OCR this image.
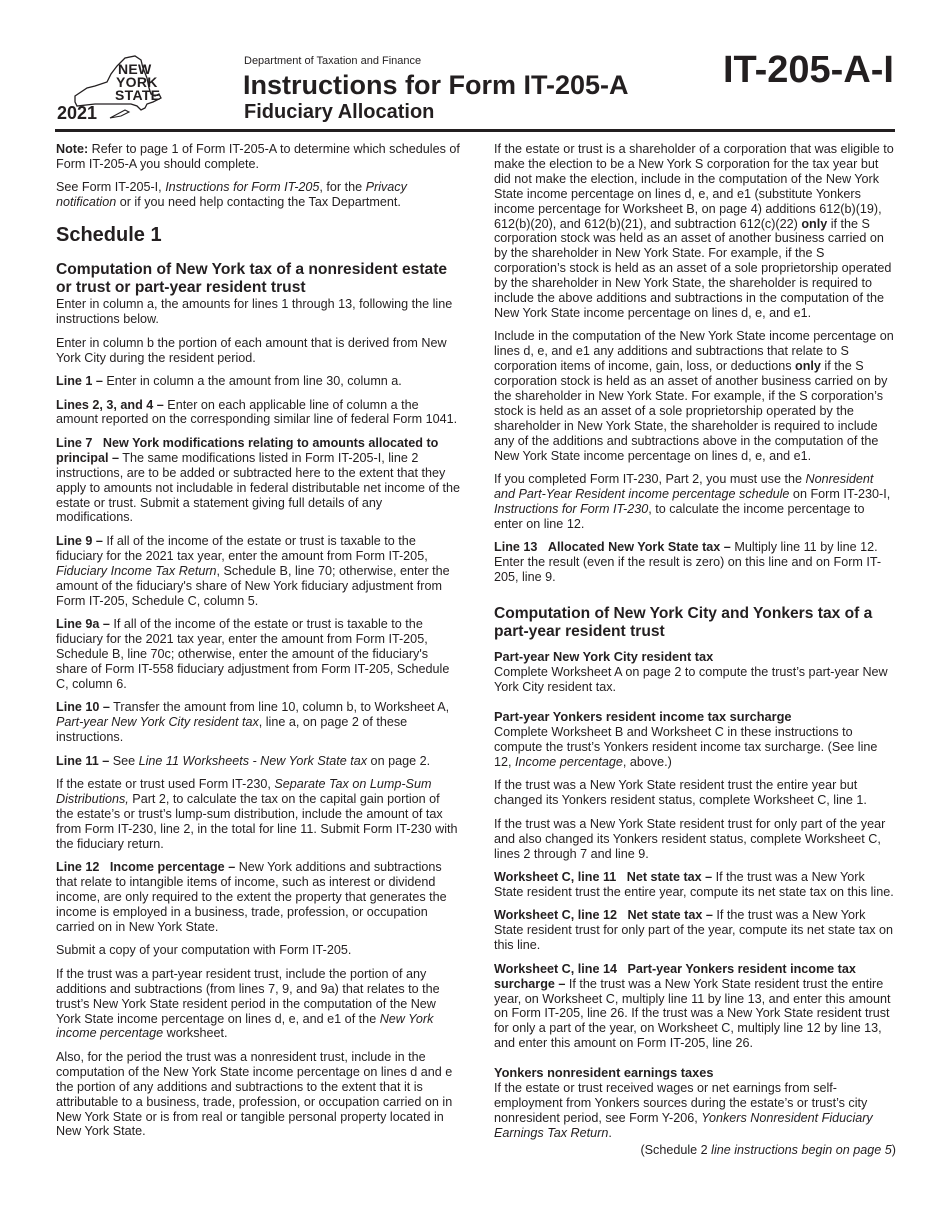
NEW
YORK
STATE
2021
Department of Taxation and Finance
Instructions for Form IT-205-A
Fiduciary Allocation
IT-205-A-I

Note: Refer to page 1 of Form IT-205-A to determine which schedules of Form IT-205-A you should complete.

See Form IT-205-I, Instructions for Form IT-205, for the Privacy notification or if you need help contacting the Tax Department.

Schedule 1
Computation of New York tax of a nonresident estate or trust or part-year resident trust

Enter in column a, the amounts for lines 1 through 13, following the line instructions below.

Enter in column b the portion of each amount that is derived from New York City during the resident period.

Line 1 – Enter in column a the amount from line 30, column a.

Lines 2, 3, and 4 – Enter on each applicable line of column a the amount reported on the corresponding similar line of federal Form 1041.

Line 7 New York modifications relating to amounts allocated to principal – The same modifications listed in Form IT-205-I, line 2 instructions, are to be added or subtracted here to the extent that they apply to amounts not includable in federal distributable net income of the estate or trust. Submit a statement giving full details of any modifications.

Line 9 – If all of the income of the estate or trust is taxable to the fiduciary for the 2021 tax year, enter the amount from Form IT-205, Fiduciary Income Tax Return, Schedule B, line 70; otherwise, enter the amount of the fiduciary's share of New York fiduciary adjustment from Form IT-205, Schedule C, column 5.

Line 9a – If all of the income of the estate or trust is taxable to the fiduciary for the 2021 tax year, enter the amount from Form IT-205, Schedule B, line 70c; otherwise, enter the amount of the fiduciary's share of Form IT-558 fiduciary adjustment from Form IT-205, Schedule C, column 6.

Line 10 – Transfer the amount from line 10, column b, to Worksheet A, Part-year New York City resident tax, line a, on page 2 of these instructions.

Line 11 – See Line 11 Worksheets - New York State tax on page 2.

If the estate or trust used Form IT-230, Separate Tax on Lump-Sum Distributions, Part 2, to calculate the tax on the capital gain portion of the estate’s or trust’s lump-sum distribution, include the amount of tax from Form IT-230, line 2, in the total for line 11. Submit Form IT-230 with the fiduciary return.

Line 12 Income percentage – New York additions and subtractions that relate to intangible items of income, such as interest or dividend income, are only required to the extent the property that generates the income is employed in a business, trade, profession, or occupation carried on in New York State.

Submit a copy of your computation with Form IT-205.

If the trust was a part-year resident trust, include the portion of any additions and subtractions (from lines 7, 9, and 9a) that relates to the trust’s New York State resident period in the computation of the New York State income percentage on lines d, e, and e1 of the New York income percentage worksheet.

Also, for the period the trust was a nonresident trust, include in the computation of the New York State income percentage on lines d and e the portion of any additions and subtractions to the extent that it is attributable to a business, trade, profession, or occupation carried on in New York State or is from real or tangible personal property located in New York State.

If the estate or trust is a shareholder of a corporation that was eligible to make the election to be a New York S corporation for the tax year but did not make the election, include in the computation of the New York State income percentage on lines d, e, and e1 (substitute Yonkers income percentage for Worksheet B, on page 4) additions 612(b)(19), 612(b)(20), and 612(b)(21), and subtraction 612(c)(22) only if the S corporation stock was held as an asset of another business carried on by the shareholder in New York State. For example, if the S corporation’s stock is held as an asset of a sole proprietorship operated by the shareholder in New York State, the shareholder is required to include the above additions and subtractions in the computation of the New York State income percentage on lines d, e, and e1.

Include in the computation of the New York State income percentage on lines d, e, and e1 any additions and subtractions that relate to S corporation items of income, gain, loss, or deductions only if the S corporation stock is held as an asset of another business carried on by the shareholder in New York State. For example, if the S corporation’s stock is held as an asset of a sole proprietorship operated by the shareholder in New York State, the shareholder is required to include any of the additions and subtractions above in the computation of the New York State income percentage on lines d, e, and e1.

If you completed Form IT-230, Part 2, you must use the Nonresident and Part-Year Resident income percentage schedule on Form IT-230-I, Instructions for Form IT-230, to calculate the income percentage to enter on line 12.

Line 13 Allocated New York State tax – Multiply line 11 by line 12. Enter the result (even if the result is zero) on this line and on Form IT-205, line 9.

Computation of New York City and Yonkers tax of a part-year resident trust
Part-year New York City resident tax

Complete Worksheet A on page 2 to compute the trust’s part-year New York City resident tax.

Part-year Yonkers resident income tax surcharge

Complete Worksheet B and Worksheet C in these instructions to compute the trust’s Yonkers resident income tax surcharge. (See line 12, Income percentage, above.)

If the trust was a New York State resident trust the entire year but changed its Yonkers resident status, complete Worksheet C, line 1.

If the trust was a New York State resident trust for only part of the year and also changed its Yonkers resident status, complete Worksheet C, lines 2 through 7 and line 9.

Worksheet C, line 11 Net state tax – If the trust was a New York State resident trust the entire year, compute its net state tax on this line.

Worksheet C, line 12 Net state tax – If the trust was a New York State resident trust for only part of the year, compute its net state tax on this line.

Worksheet C, line 14 Part-year Yonkers resident income tax surcharge – If the trust was a New York State resident trust the entire year, on Worksheet C, multiply line 11 by line 13, and enter this amount on Form IT-205, line 26. If the trust was a New York State resident trust for only a part of the year, on Worksheet C, multiply line 12 by line 13, and enter this amount on Form IT-205, line 26.

Yonkers nonresident earnings taxes

If the estate or trust received wages or net earnings from self-employment from Yonkers sources during the estate’s or trust’s city nonresident period, see Form Y-206, Yonkers Nonresident Fiduciary Earnings Tax Return.

(Schedule 2 line instructions begin on page 5)
